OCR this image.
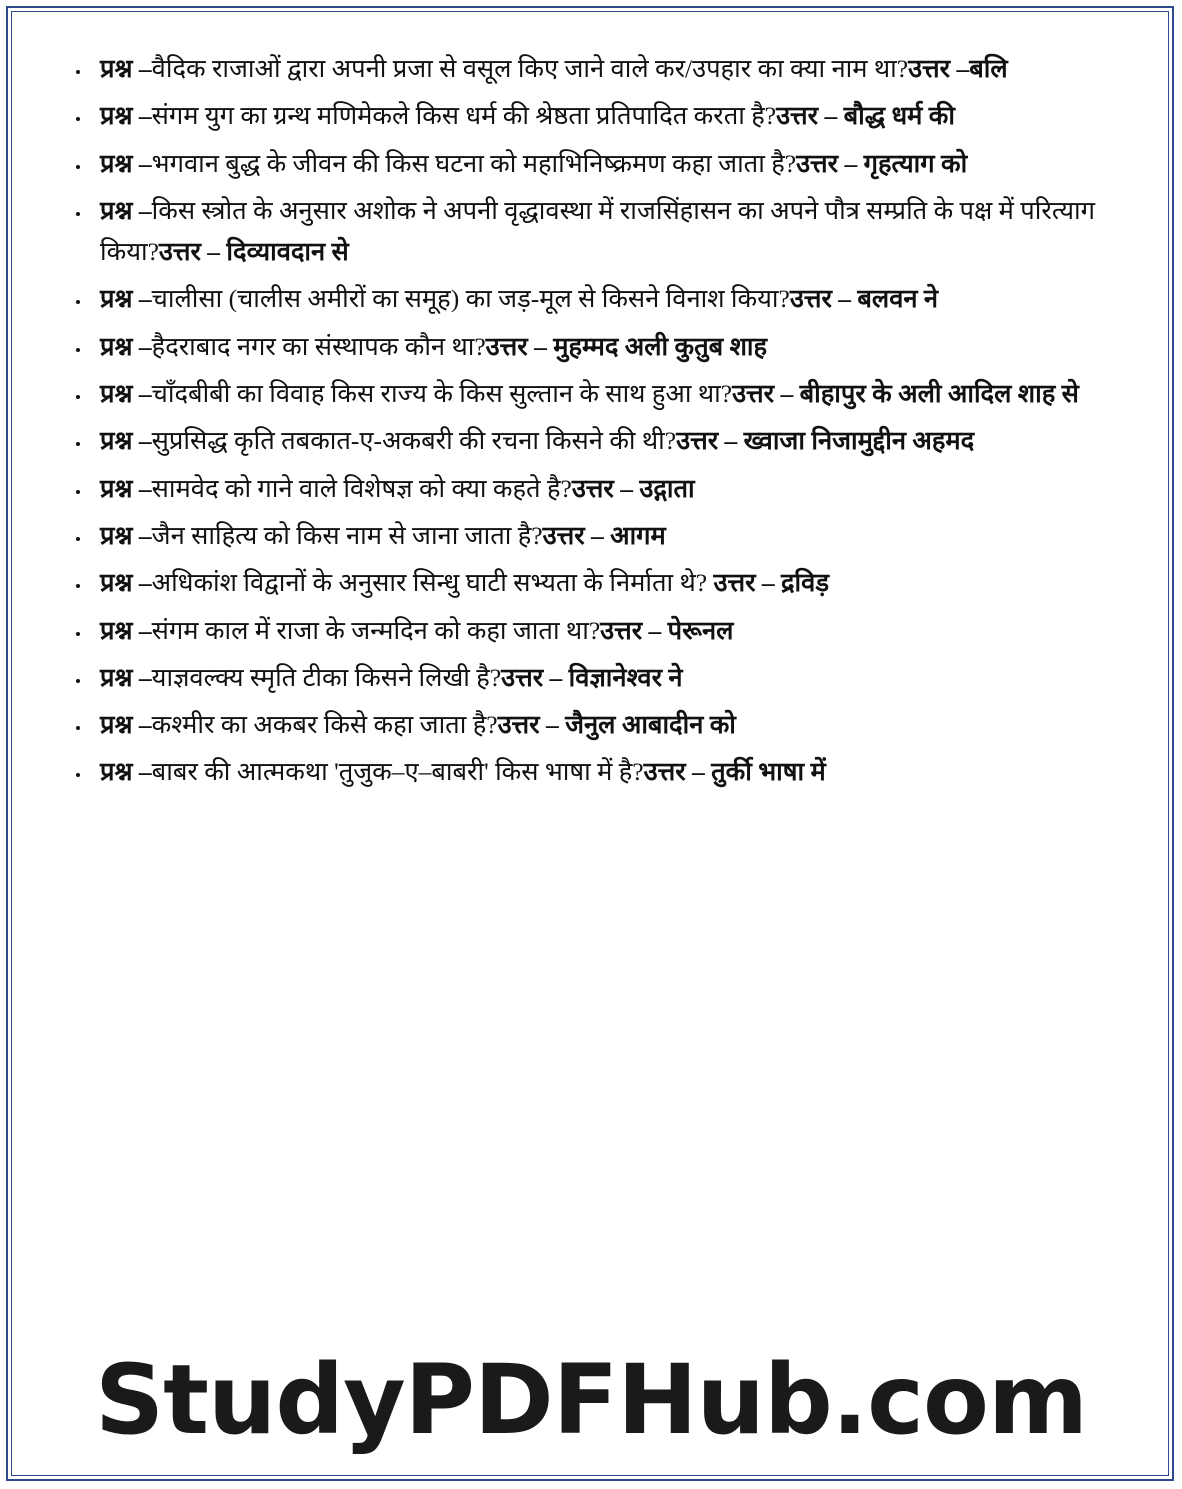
प्रश्न –वैदिक राजाओं द्वारा अपनी प्रजा से वसूल किए जाने वाले कर/उपहार का क्या नाम था?उत्तर –बलि
प्रश्न –संगम युग का ग्रन्थ मणिमेकले किस धर्म की श्रेष्ठता प्रतिपादित करता है?उत्तर – बौद्ध धर्म की
प्रश्न –भगवान बुद्ध के जीवन की किस घटना को महाभिनिष्क्रमण कहा जाता है?उत्तर – गृहत्याग को
प्रश्न –किस स्त्रोत के अनुसार अशोक ने अपनी वृद्धावस्था में राजसिंहासन का अपने पौत्र सम्प्रति के पक्ष में परित्याग किया?उत्तर – दिव्यावदान से
प्रश्न –चालीसा (चालीस अमीरों का समूह) का जड़-मूल से किसने विनाश किया?उत्तर – बलवन ने
प्रश्न –हैदराबाद नगर का संस्थापक कौन था?उत्तर – मुहम्मद अली कुतुब शाह
प्रश्न –चाँदबीबी का विवाह किस राज्य के किस सुल्तान के साथ हुआ था?उत्तर – बीहापुर के अली आदिल शाह से
प्रश्न –सुप्रसिद्ध कृति तबकात-ए-अकबरी की रचना किसने की थी?उत्तर – ख्वाजा निजामुद्दीन अहमद
प्रश्न –सामवेद को गाने वाले विशेषज्ञ को क्या कहते है?उत्तर – उद्गाता
प्रश्न –जैन साहित्य को किस नाम से जाना जाता है?उत्तर – आगम
प्रश्न –अधिकांश विद्वानों के अनुसार सिन्धु घाटी सभ्यता के निर्माता थे? उत्तर – द्रविड़
प्रश्न –संगम काल में राजा के जन्मदिन को कहा जाता था?उत्तर – पेरूनल
प्रश्न –याज्ञवल्क्य स्मृति टीका किसने लिखी है?उत्तर – विज्ञानेश्वर ने
प्रश्न –कश्मीर का अकबर किसे कहा जाता है?उत्तर – जैनुल आबादीन को
प्रश्न –बाबर की आत्मकथा 'तुजुक–ए–बाबरी' किस भाषा में है?उत्तर – तुर्की भाषा में
StudyPDFHub.com
